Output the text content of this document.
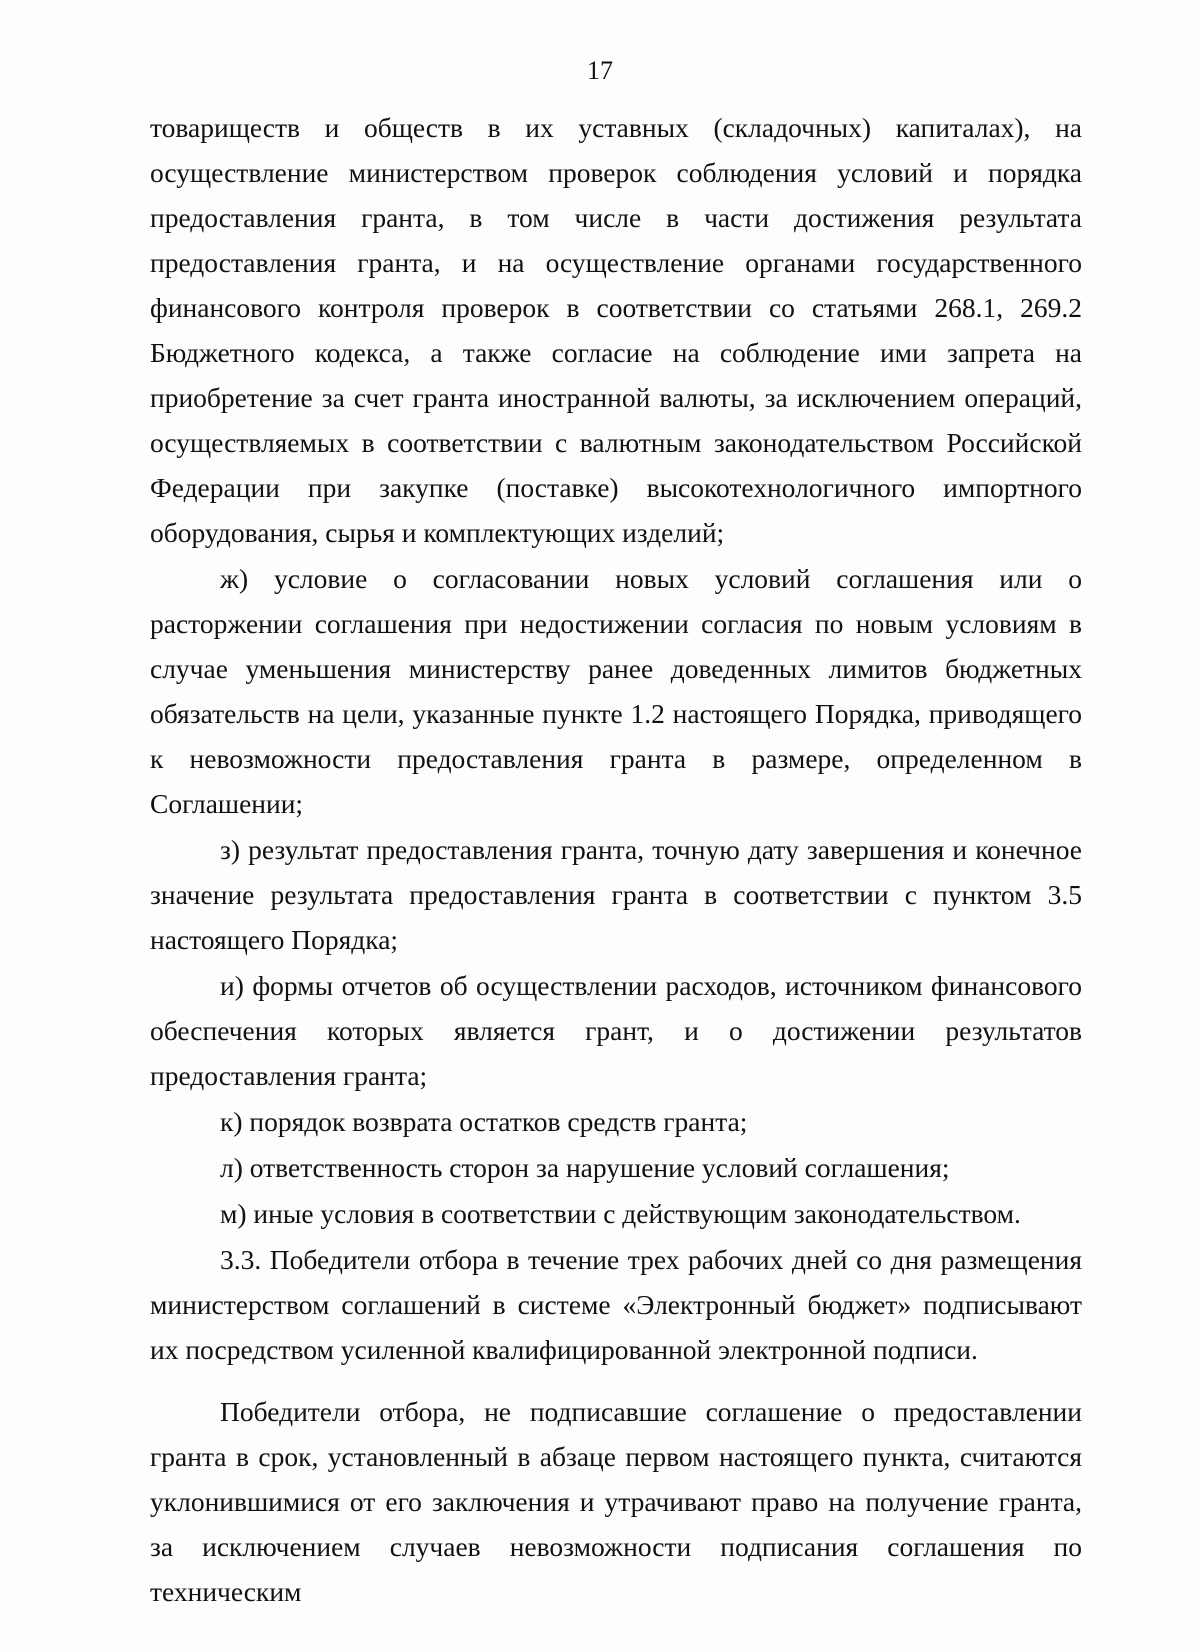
17

товариществ и обществ в их уставных (складочных) капиталах), на осуществление министерством проверок соблюдения условий и порядка предоставления гранта, в том числе в части достижения результата предоставления гранта, и на осуществление органами государственного финансового контроля проверок в соответствии со статьями 268.1, 269.2 Бюджетного кодекса, а также согласие на соблюдение ими запрета на приобретение за счет гранта иностранной валюты, за исключением операций, осуществляемых в соответствии с валютным законодательством Российской Федерации при закупке (поставке) высокотехнологичного импортного оборудования, сырья и комплектующих изделий;

ж) условие о согласовании новых условий соглашения или о расторжении соглашения при недостижении согласия по новым условиям в случае уменьшения министерству ранее доведенных лимитов бюджетных обязательств на цели, указанные пункте 1.2 настоящего Порядка, приводящего к невозможности предоставления гранта в размере, определенном в Соглашении;

з) результат предоставления гранта, точную дату завершения и конечное значение результата предоставления гранта в соответствии с пунктом 3.5 настоящего Порядка;

и) формы отчетов об осуществлении расходов, источником финансового обеспечения которых является грант, и о достижении результатов предоставления гранта;

к) порядок возврата остатков средств гранта;

л) ответственность сторон за нарушение условий соглашения;

м) иные условия в соответствии с действующим законодательством.

3.3. Победители отбора в течение трех рабочих дней со дня размещения министерством соглашений в системе «Электронный бюджет» подписывают их посредством усиленной квалифицированной электронной подписи.

Победители отбора, не подписавшие соглашение о предоставлении гранта в срок, установленный в абзаце первом настоящего пункта, считаются уклонившимися от его заключения и утрачивают право на получение гранта, за исключением случаев невозможности подписания соглашения по техническим
